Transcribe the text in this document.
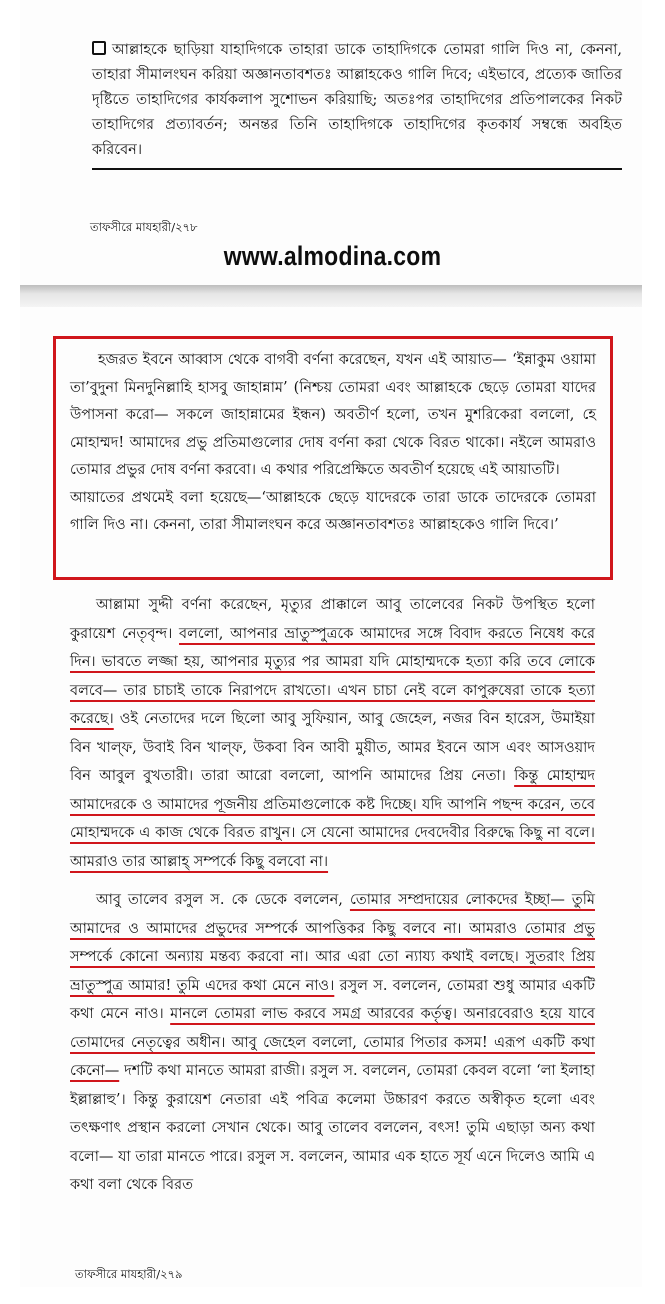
আল্লাহকে ছাড়িয়া যাহাদিগকে তাহারা ডাকে তাহাদিগকে তোমরা গালি দিও না, কেননা, তাহারা সীমালংঘন করিয়া অজ্ঞানতাবশতঃ আল্লাহকেও গালি দিবে; এইভাবে, প্রত্যেক জাতির দৃষ্টিতে তাহাদিগের কার্যকলাপ সুশোভন করিয়াছি; অতঃপর তাহাদিগের প্রতিপালকের নিকট তাহাদিগের প্রত্যাবর্তন; অনন্তর তিনি তাহাদিগকে তাহাদিগের কৃতকার্য সম্বন্ধে অবহিত করিবেন।
তাফসীরে মাযহারী/২৭৮
www.almodina.com

হজরত ইবনে আব্বাস থেকে বাগবী বর্ণনা করেছেন, যখন এই আয়াত— ‘ইন্নাকুম ওয়ামা তা’বুদুনা মিনদুনিল্লাহি হাসবু জাহান্নাম’ (নিশ্চয় তোমরা এবং আল্লাহকে ছেড়ে তোমরা যাদের উপাসনা করো— সকলে জাহান্নামের ইন্ধন) অবতীর্ণ হলো, তখন মুশরিকেরা বললো, হে মোহাম্মদ! আমাদের প্রভু প্রতিমাগুলোর দোষ বর্ণনা করা থেকে বিরত থাকো। নইলে আমরাও তোমার প্রভুর দোষ বর্ণনা করবো। এ কথার পরিপ্রেক্ষিতে অবতীর্ণ হয়েছে এই আয়াতটি।

আয়াতের প্রথমেই বলা হয়েছে—‘আল্লাহকে ছেড়ে যাদেরকে তারা ডাকে তাদেরকে তোমরা গালি দিও না। কেননা, তারা সীমালংঘন করে অজ্ঞানতাবশতঃ আল্লাহকেও গালি দিবে।’

আল্লামা সুদ্দী বর্ণনা করেছেন, মৃত্যুর প্রাক্কালে আবু তালেবের নিকট উপস্থিত হলো কুরায়েশ নেতৃবৃন্দ। বললো, আপনার ভ্রাতুস্পুত্রকে আমাদের সঙ্গে বিবাদ করতে নিষেধ করে দিন। ভাবতে লজ্জা হয়, আপনার মৃত্যুর পর আমরা যদি মোহাম্মদকে হত্যা করি তবে লোকে বলবে— তার চাচাই তাকে নিরাপদে রাখতো। এখন চাচা নেই বলে কাপুরুষেরা তাকে হত্যা করেছে। ওই নেতাদের দলে ছিলো আবু সুফিয়ান, আবু জেহেল, নজর বিন হারেস, উমাইয়া বিন খাল্‌ফ, উবাই বিন খাল্‌ফ, উকবা বিন আবী মুয়ীত, আমর ইবনে আস এবং আসওয়াদ বিন আবুল বুখতারী। তারা আরো বললো, আপনি আমাদের প্রিয় নেতা। কিন্তু মোহাম্মদ আমাদেরকে ও আমাদের পূজনীয় প্রতিমাগুলোকে কষ্ট দিচ্ছে। যদি আপনি পছন্দ করেন, তবে মোহাম্মদকে এ কাজ থেকে বিরত রাখুন। সে যেনো আমাদের দেবদেবীর বিরুদ্ধে কিছু না বলে। আমরাও তার আল্লাহ্ সম্পর্কে কিছু বলবো না।

আবু তালেব রসুল স. কে ডেকে বললেন, তোমার সম্প্রদায়ের লোকদের ইচ্ছা— তুমি আমাদের ও আমাদের প্রভুদের সম্পর্কে আপত্তিকর কিছু বলবে না। আমরাও তোমার প্রভু সম্পর্কে কোনো অন্যায় মন্তব্য করবো না। আর এরা তো ন্যায্য কথাই বলছে। সুতরাং প্রিয় ভ্রাতুস্পুত্র আমার! তুমি এদের কথা মেনে নাও। রসুল স. বললেন, তোমরা শুধু আমার একটি কথা মেনে নাও। মানলে তোমরা লাভ করবে সমগ্র আরবের কর্তৃত্ব। অনারবেরাও হয়ে যাবে তোমাদের নেতৃত্বের অধীন। আবু জেহেল বললো, তোমার পিতার কসম! এরূপ একটি কথা কেনো— দশটি কথা মানতে আমরা রাজী। রসুল স. বললেন, তোমরা কেবল বলো ‘লা ইলাহা ইল্লাল্লাহু’। কিন্তু কুরায়েশ নেতারা এই পবিত্র কলেমা উচ্চারণ করতে অস্বীকৃত হলো এবং তৎক্ষণাৎ প্রস্থান করলো সেখান থেকে। আবু তালেব বললেন, বৎস! তুমি এছাড়া অন্য কথা বলো— যা তারা মানতে পারে। রসুল স. বললেন, আমার এক হাতে সূর্য এনে দিলেও আমি এ কথা বলা থেকে বিরত

তাফসীরে মাযহারী/২৭৯
